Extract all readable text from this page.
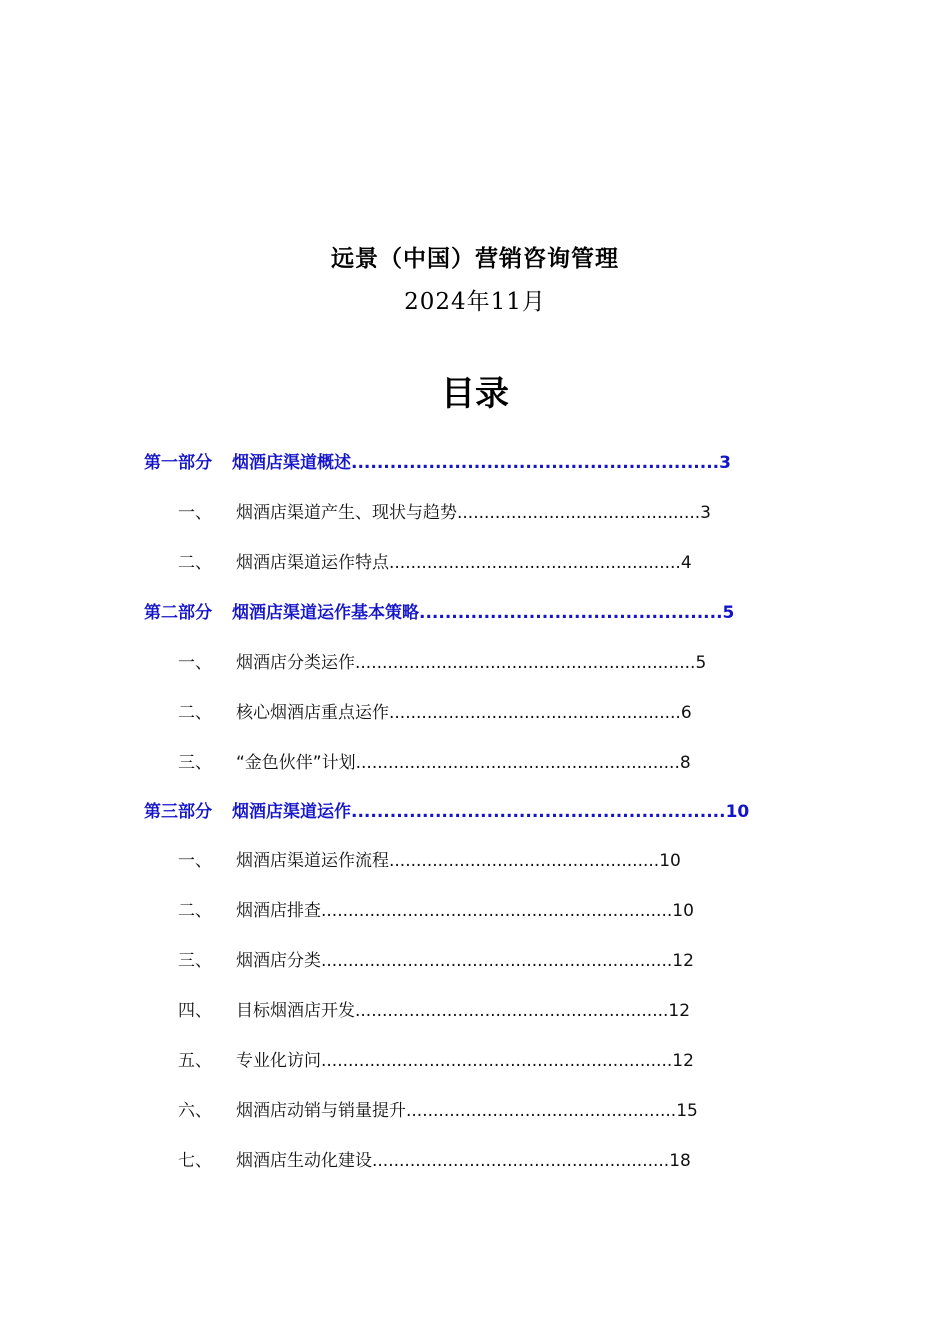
远景（中国）营销咨询管理
2024年11月
目录
第一部分 烟酒店渠道概述.........................................................3
一、 烟酒店渠道产生、现状与趋势.............................................3
二、 烟酒店渠道运作特点......................................................4
第二部分 烟酒店渠道运作基本策略...............................................5
一、 烟酒店分类运作...............................................................5
二、 核心烟酒店重点运作......................................................6
三、 “金色伙伴”计划............................................................8
第三部分 烟酒店渠道运作..........................................................10
一、 烟酒店渠道运作流程..................................................10
二、 烟酒店排查.................................................................10
三、 烟酒店分类.................................................................12
四、 目标烟酒店开发..........................................................12
五、 专业化访问.................................................................12
六、 烟酒店动销与销量提升..................................................15
七、 烟酒店生动化建设.......................................................18
